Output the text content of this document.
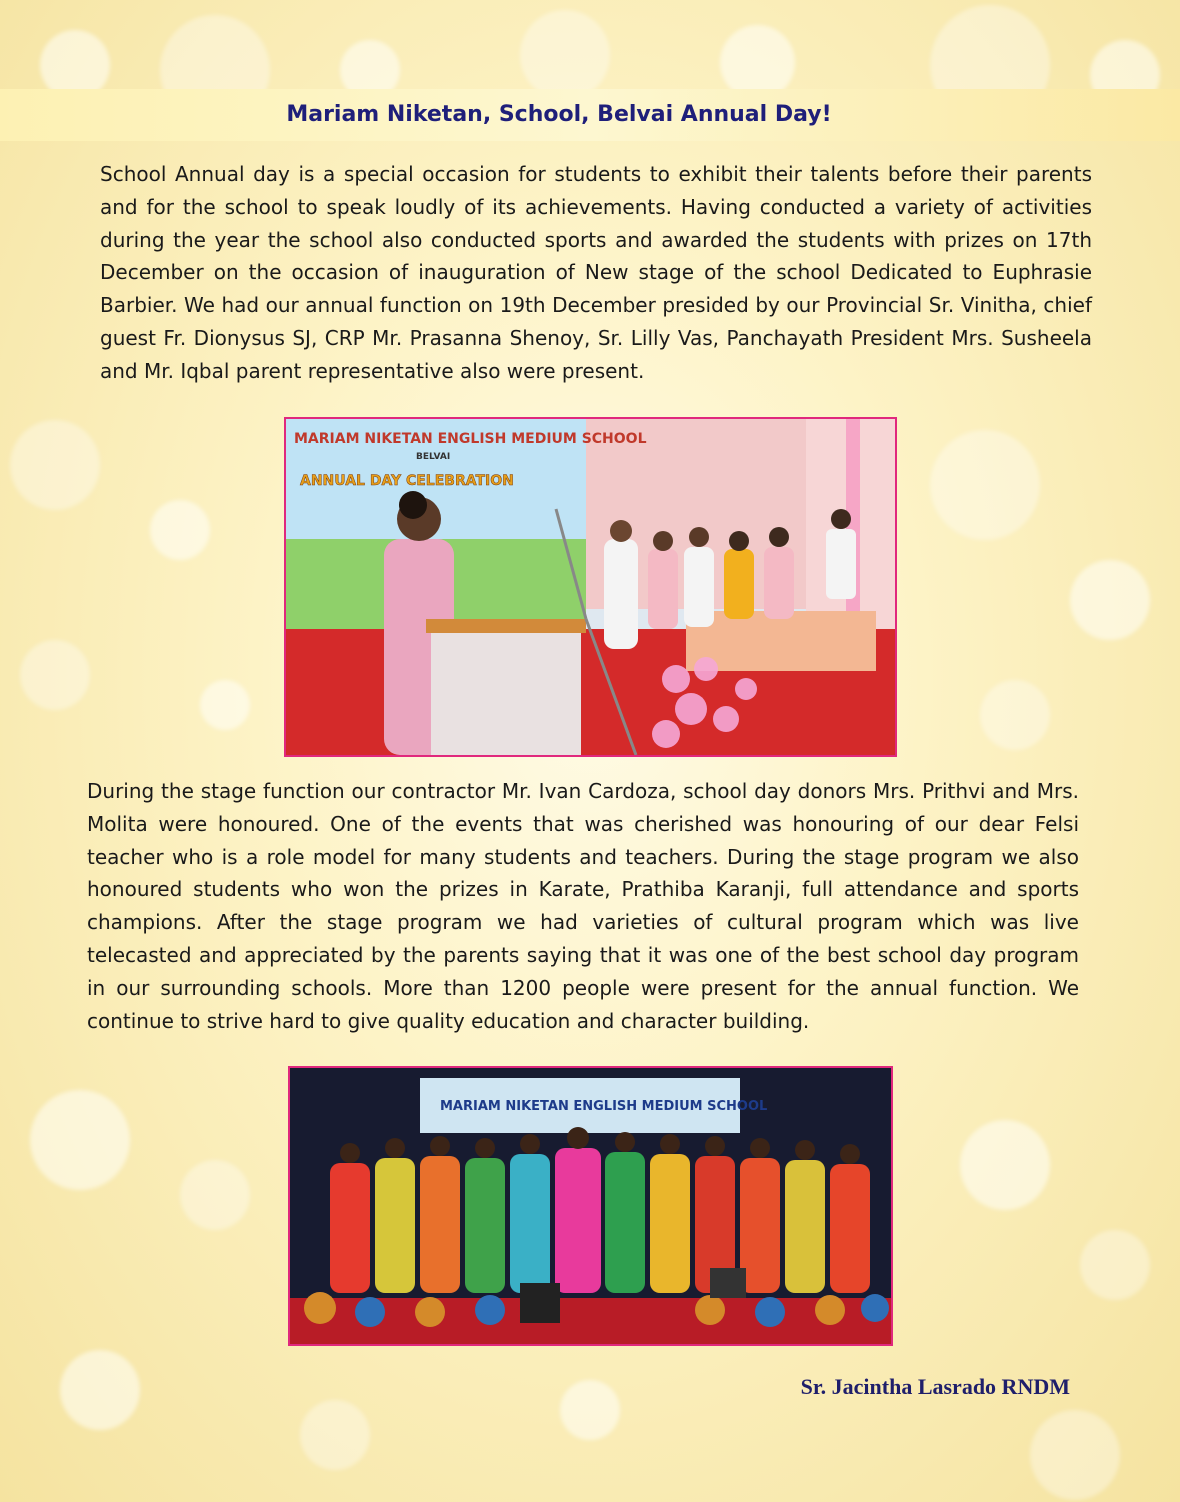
Mariam Niketan, School, Belvai Annual Day!

School Annual day is a special occasion for students to exhibit their talents before their parents and for the school to speak loudly of its achievements. Having conducted a variety of activities during the year the school also conducted sports and awarded the students with prizes on 17th December on the occasion of inauguration of New stage of the school Dedicated to Euphrasie Barbier. We had our annual function on 19th December presided by our Provincial Sr. Vinitha, chief guest Fr. Dionysus SJ, CRP Mr. Prasanna Shenoy, Sr. Lilly Vas, Panchayath President Mrs. Susheela and Mr. Iqbal parent representative also were present.

MARIAM NIKETAN ENGLISH MEDIUM SCHOOL
BELVAI
ANNUAL DAY CELEBRATION

During the stage function our contractor Mr. Ivan Cardoza, school day donors Mrs. Prithvi and Mrs. Molita were honoured. One of the events that was cherished was honouring of our dear Felsi teacher who is a role model for many students and teachers. During the stage program we also honoured students who won the prizes in Karate, Prathiba Karanji, full attendance and sports champions. After the stage program we had varieties of cultural program which was live telecasted and appreciated by the parents saying that it was one of the best school day program in our surrounding schools. More than 1200 people were present for the annual function. We continue to strive hard to give quality education and character building.

MARIAM NIKETAN ENGLISH MEDIUM SCHOOL
Sr. Jacintha Lasrado RNDM
